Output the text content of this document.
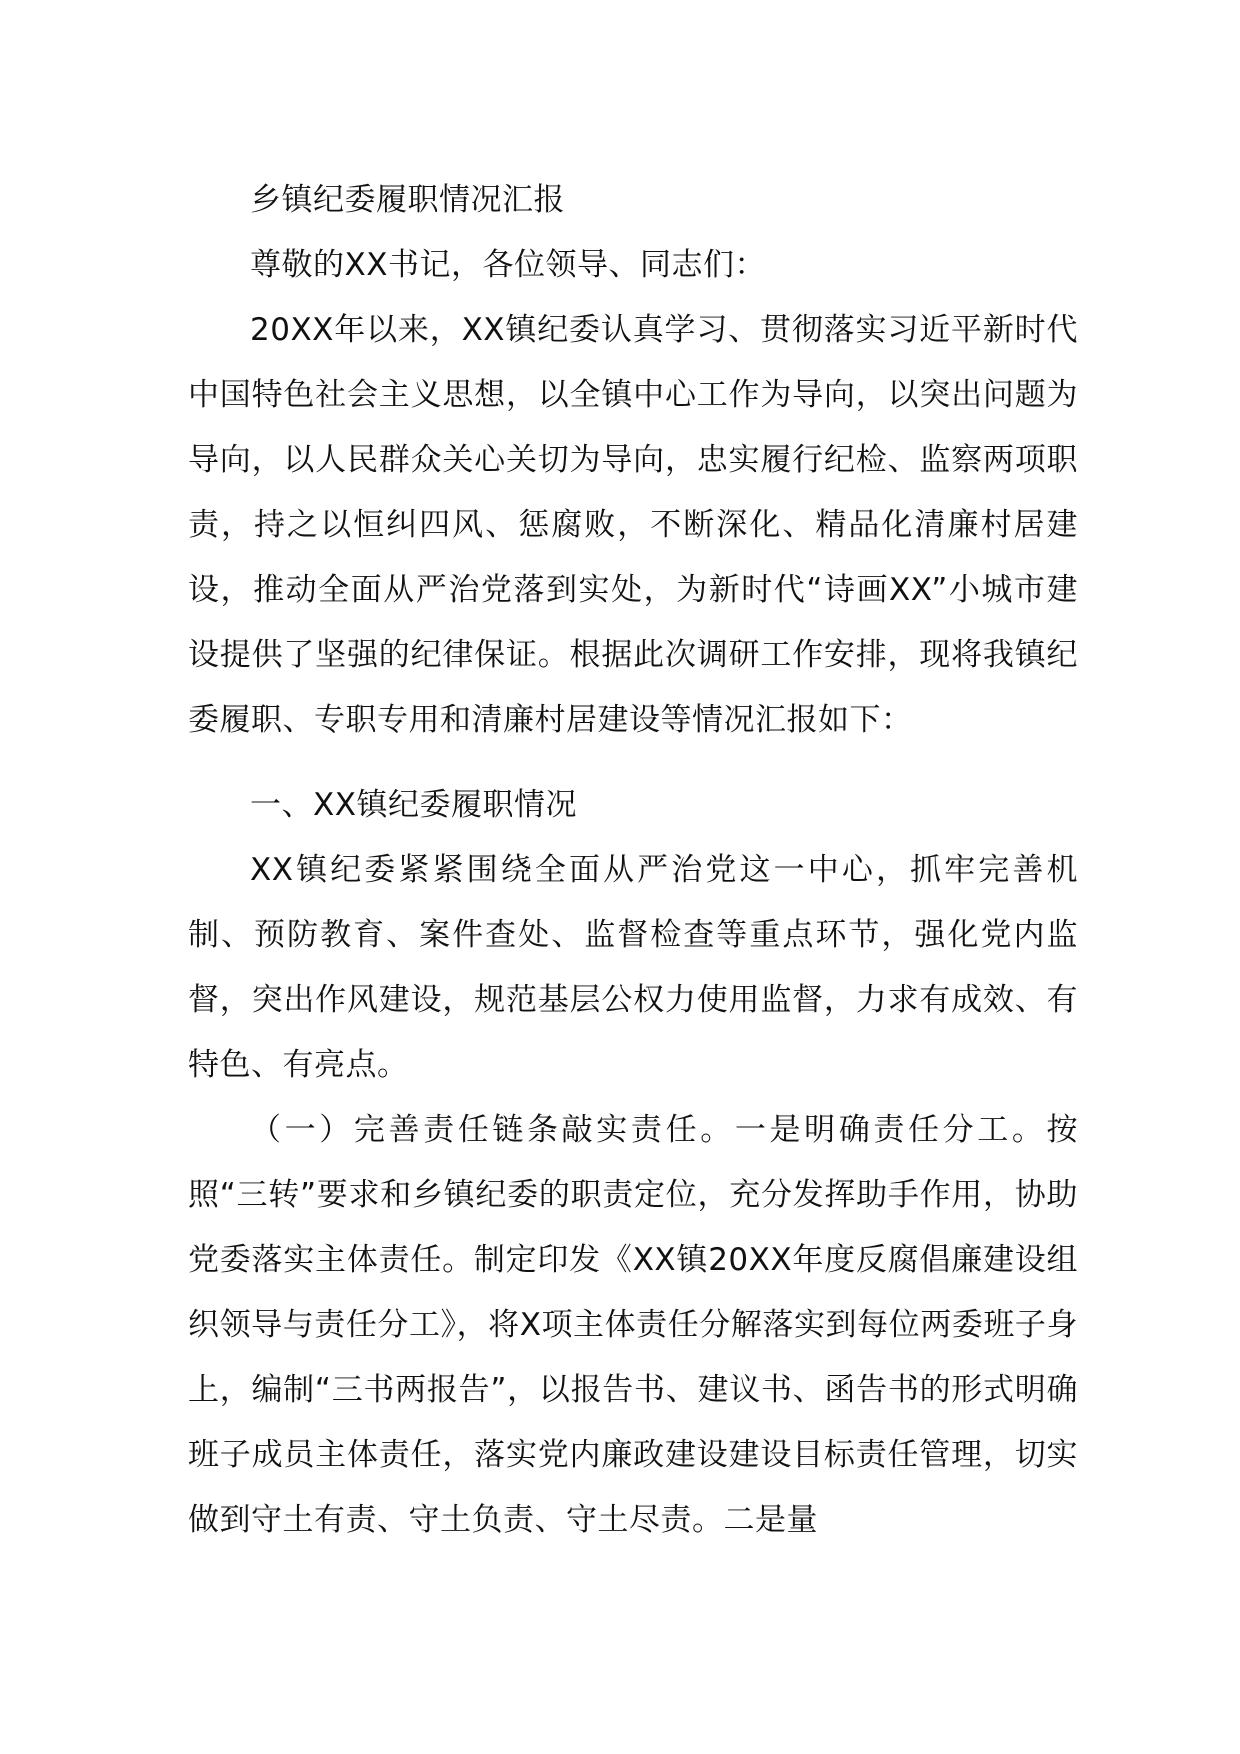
乡镇纪委履职情况汇报

尊敬的XX书记，各位领导、同志们：

20XX年以来，XX镇纪委认真学习、贯彻落实习近平新时代中国特色社会主义思想，以全镇中心工作为导向，以突出问题为导向，以人民群众关心关切为导向，忠实履行纪检、监察两项职责，持之以恒纠四风、惩腐败，不断深化、精品化清廉村居建设，推动全面从严治党落到实处，为新时代“诗画XX”小城市建设提供了坚强的纪律保证。根据此次调研工作安排，现将我镇纪委履职、专职专用和清廉村居建设等情况汇报如下：

一、XX镇纪委履职情况

XX镇纪委紧紧围绕全面从严治党这一中心，抓牢完善机制、预防教育、案件查处、监督检查等重点环节，强化党内监督，突出作风建设，规范基层公权力使用监督，力求有成效、有特色、有亮点。

（一）完善责任链条敲实责任。一是明确责任分工。按照“三转”要求和乡镇纪委的职责定位，充分发挥助手作用，协助党委落实主体责任。制定印发《XX镇20XX年度反腐倡廉建设组织领导与责任分工》，将X项主体责任分解落实到每位两委班子身上，编制“三书两报告”，以报告书、建议书、函告书的形式明确班子成员主体责任，落实党内廉政建设建设目标责任管理，切实做到守土有责、守土负责、守土尽责。二是量
